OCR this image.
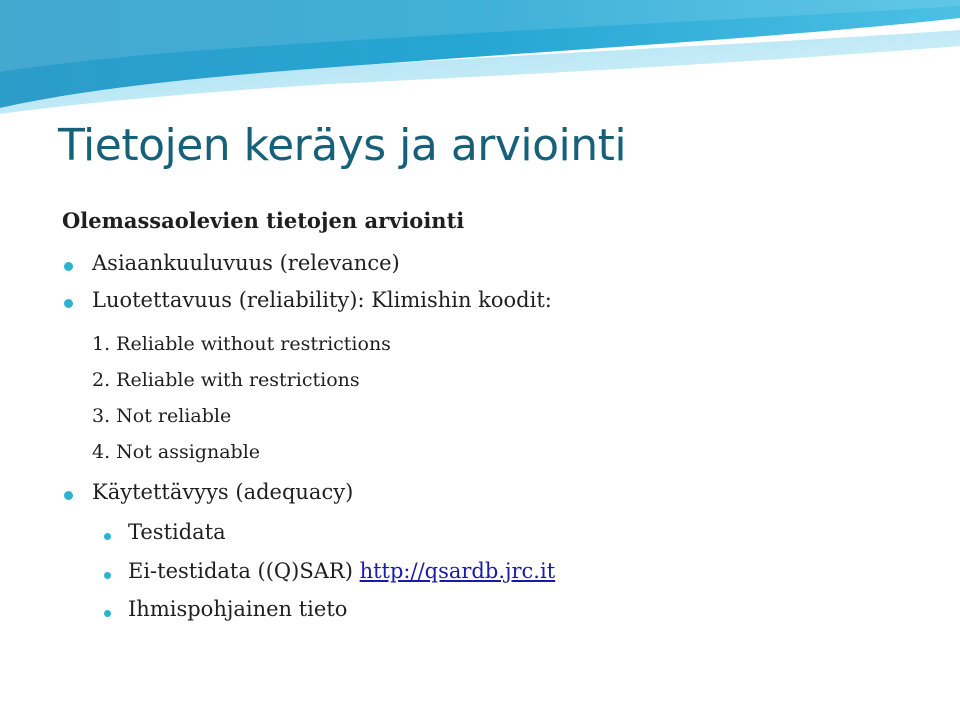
Tietojen keräys ja arviointi
Olemassaolevien tietojen arviointi
Asiaankuuluvuus (relevance)
Luotettavuus (reliability): Klimishin koodit:
1. Reliable without restrictions
2. Reliable with restrictions
3. Not reliable
4. Not assignable
Käytettävyys (adequacy)
Testidata
Ei-testidata ((Q)SAR) http://qsardb.jrc.it
Ihmispohjainen tieto
